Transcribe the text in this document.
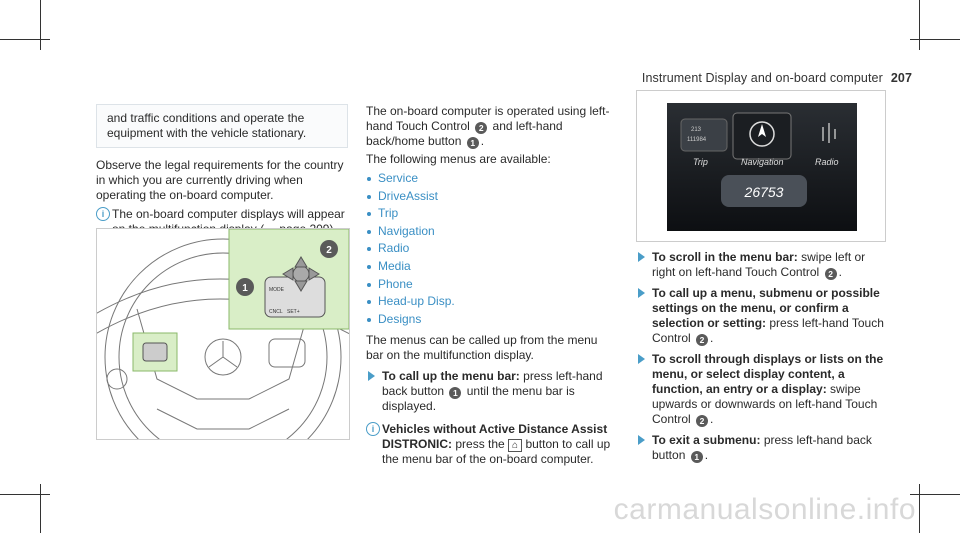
Instrument Display and on-board computer 207
and traffic conditions and operate the equipment with the vehicle stationary.

Observe the legal requirements for the country in which you are currently driving when operating the on-board computer.

i The on-board computer displays will appear
MODE
SET+
CNCL
1
2
The on-board computer is operated using left-hand Touch Control 2 and left-hand back/home button 1 .
The following menus are available:
Service
DriveAssist
Trip
Navigation
Radio
Media
Phone
Head-up Disp.
Designs
The menus can be called up from the menu bar on the multifunction display.
To call up the menu bar: press left-hand back button 1 until the menu bar is displayed.
i Vehicles without Active Distance Assist DISTRONIC: press the ⌂ button to call up the menu bar of the on-board computer.
213
111984
Trip	Navigation	Radio
26753
To scroll in the menu bar: swipe left or right on left-hand Touch Control 2 .
To call up a menu, submenu or possible settings on the menu, or confirm a selection or setting: press left-hand Touch Control 2 .
To scroll through displays or lists on the menu, or select display content, a function, an entry or a display: swipe upwards or downwards on left-hand Touch Control 2 .
To exit a submenu: press left-hand back button 1 .
carmanualsonline.info
